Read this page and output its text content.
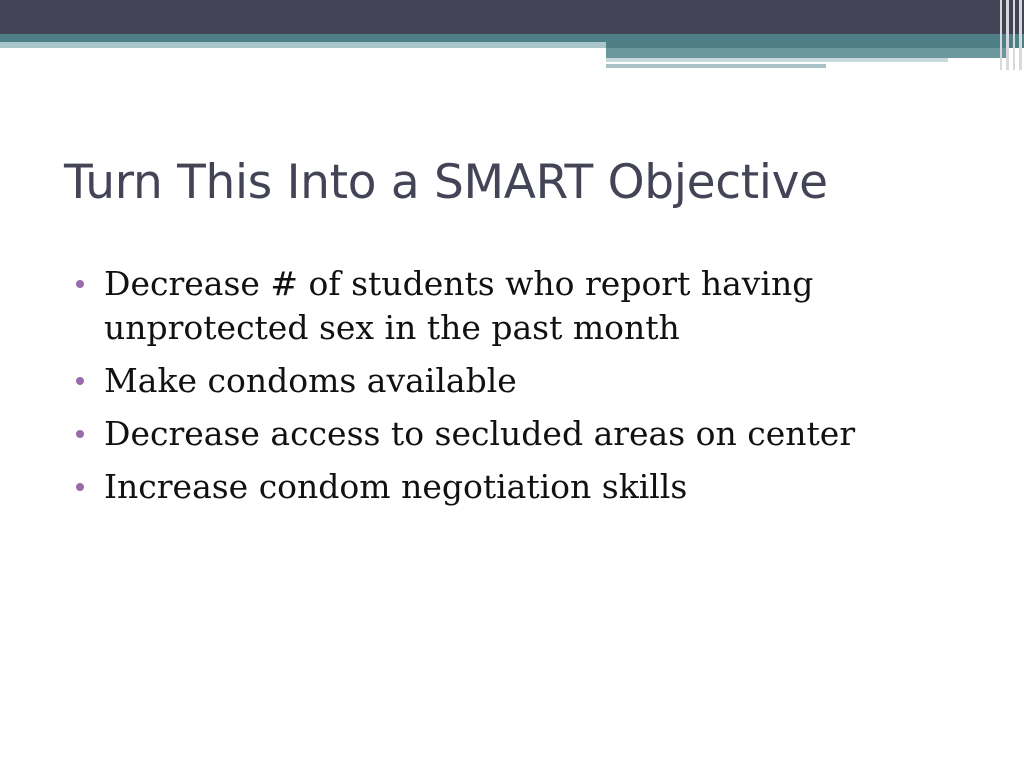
Turn This Into a SMART Objective
Decrease # of students who report having unprotected sex in the past month
Make condoms available
Decrease access to secluded areas on center
Increase condom negotiation skills
